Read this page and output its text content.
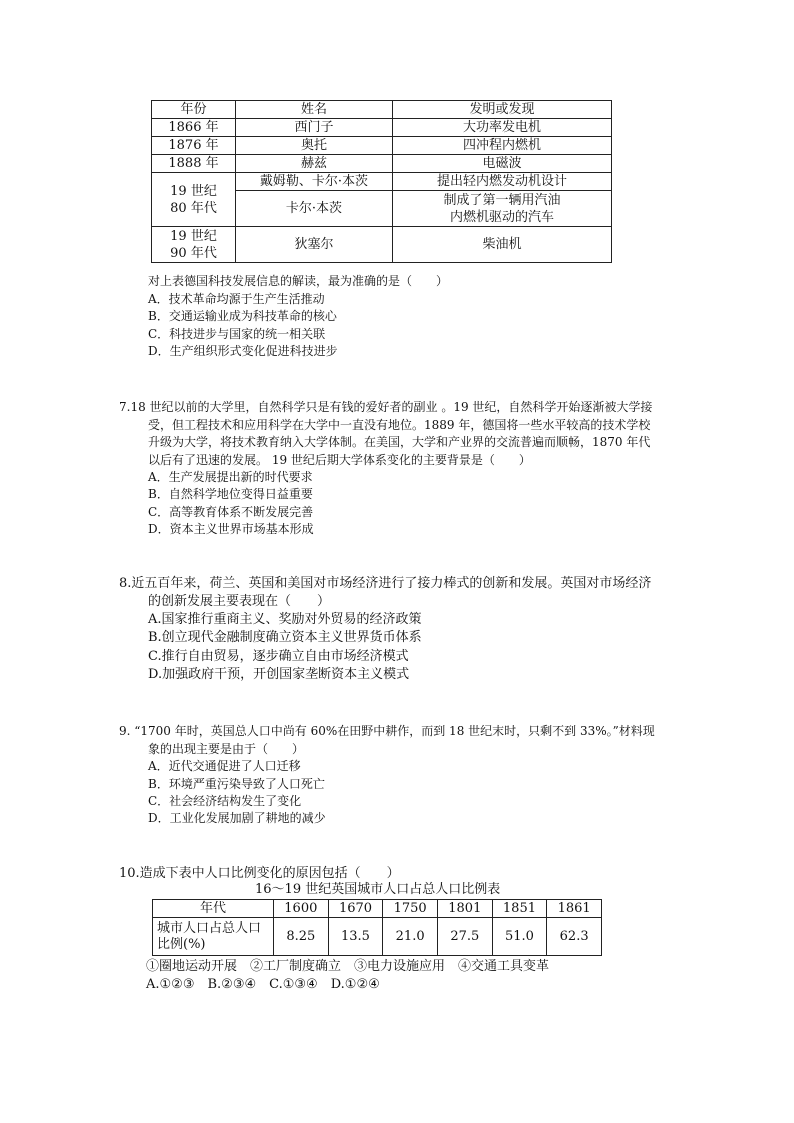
年份	姓名	发明或发现
1866 年	西门子	大功率发电机
1876 年	奥托	四冲程内燃机
1888 年	赫兹	电磁波
19 世纪 80 年代	戴姆勒、卡尔·本茨	提出轻内燃发动机设计
	卡尔·本茨	制成了第一辆用汽油内燃机驱动的汽车
19 世纪 90 年代	狄塞尔	柴油机
对上表德国科技发展信息的解读，最为准确的是（　　）
A．技术革命均源于生产生活推动
B．交通运输业成为科技革命的核心
C．科技进步与国家的统一相关联
D．生产组织形式变化促进科技进步
7.18 世纪以前的大学里，自然科学只是有钱的爱好者的副业 。19 世纪，自然科学开始逐渐被大学接
受，但工程技术和应用科学在大学中一直没有地位。1889 年，德国将一些水平较高的技术学校
升级为大学，将技术教育纳入大学体制。在美国，大学和产业界的交流普遍而顺畅，1870 年代
以后有了迅速的发展。 19 世纪后期大学体系变化的主要背景是（　　）
A．生产发展提出新的时代要求
B．自然科学地位变得日益重要
C．高等教育体系不断发展完善
D．资本主义世界市场基本形成
8.近五百年来，荷兰、英国和美国对市场经济进行了接力棒式的创新和发展。英国对市场经济
的创新发展主要表现在（　　）
A.国家推行重商主义、奖励对外贸易的经济政策
B.创立现代金融制度确立资本主义世界货币体系
C.推行自由贸易，逐步确立自由市场经济模式
D.加强政府干预，开创国家垄断资本主义模式
9. “1700 年时，英国总人口中尚有 60%在田野中耕作，而到 18 世纪末时，只剩不到 33%。”材料现
象的出现主要是由于（　　）
A．近代交通促进了人口迁移
B．环境严重污染导致了人口死亡
C．社会经济结构发生了变化
D．工业化发展加剧了耕地的减少
10.造成下表中人口比例变化的原因包括（　　）
16～19 世纪英国城市人口占总人口比例表
年代	1600	1670	1750	1801	1851	1861
城市人口占总人口比例(%)	8.25	13.5	21.0	27.5	51.0	62.3
①圈地运动开展　②工厂制度确立　③电力设施应用　④交通工具变革
A.①②③　B.②③④　C.①③④　D.①②④
